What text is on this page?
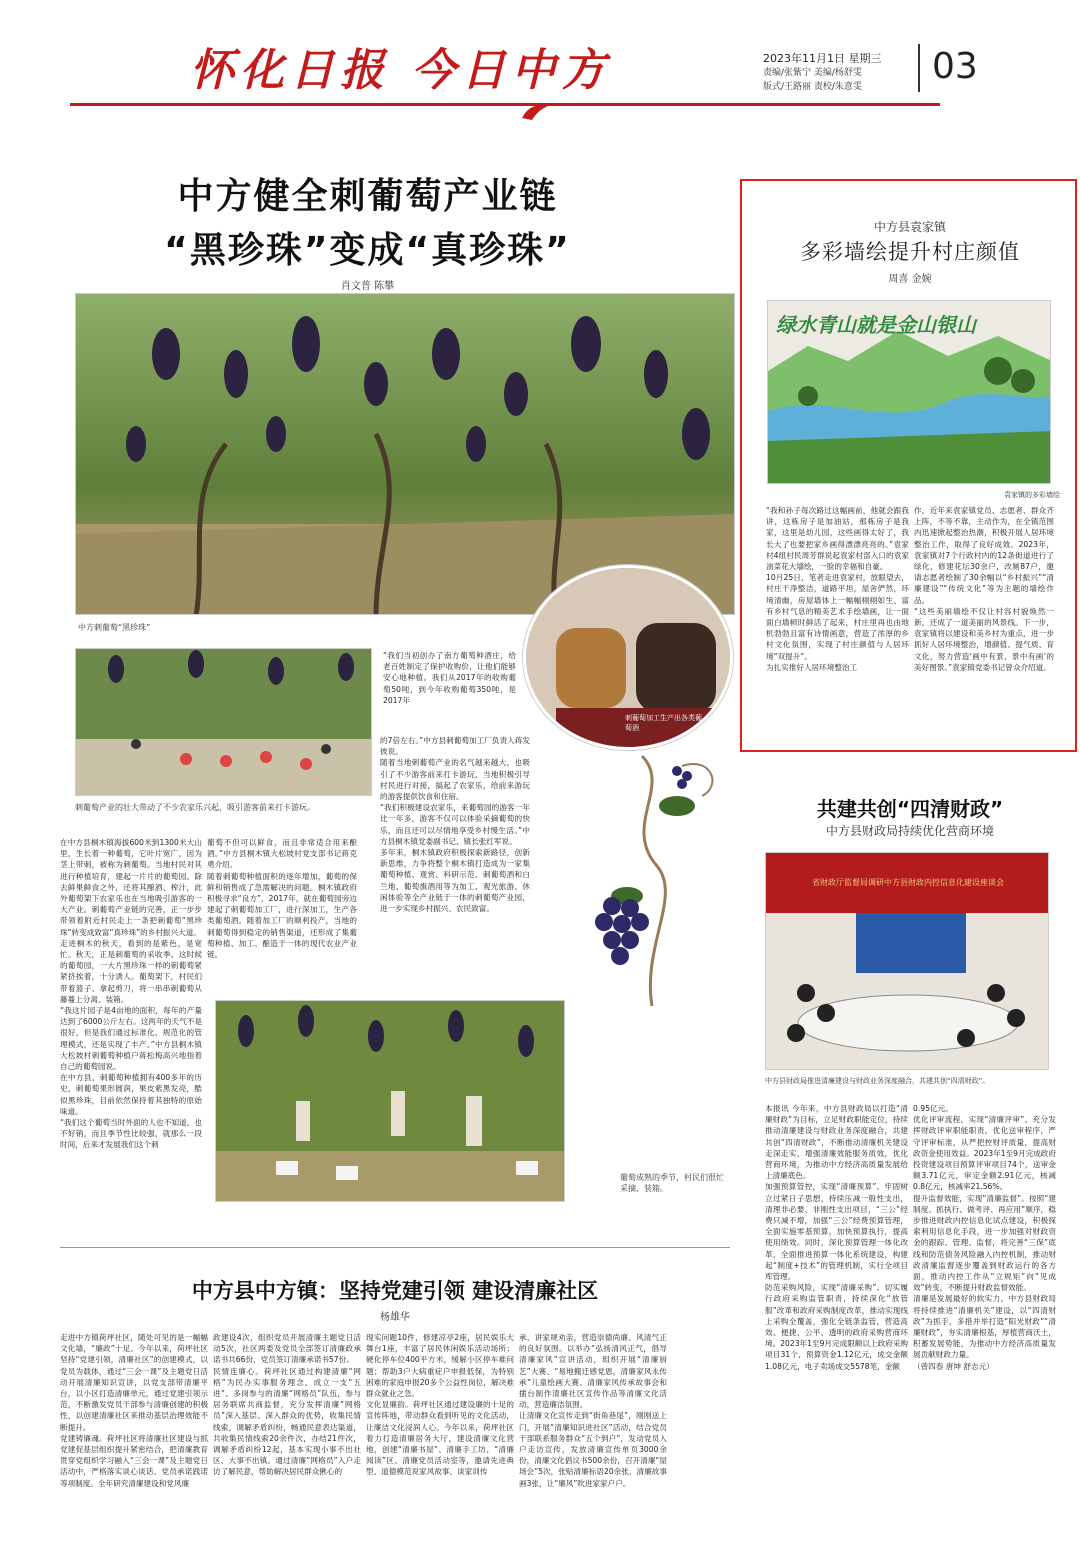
怀化日报 今日中方	2023年11月1日 星期三
责编/张紫宁 美编/杨舒雯
版式/王路丽 责校/朱意雯	03
中方健全刺葡萄产业链
“黑珍珠”变成“真珍珠”
肖文普 陈攀
中方刺葡萄“黑珍珠”
刺葡萄产业的壮大带动了不少农家乐兴起，吸引游客前来打卡游玩。
刺葡萄加工生产出各类葡萄酒
“我们当初创办了南方葡萄种酒庄，给老百姓制定了保护收购价，让他们能够安心地种植。我们从2017年的收购葡萄50吨，到今年收购葡萄350吨，是2017年
的7倍左右。”中方县刺葡萄加工厂负责人蒋发彼说。
随着当地刺葡萄产业的名气越来越大，也吸引了不少游客前来打卡游玩，当地积极引导村民进行对接，搞起了农家乐，给前来游玩的游客提供饮食和住宿。
“我们积极建设农家乐，来葡萄园的游客一年比一年多，游客不仅可以体验采摘葡萄的快乐，而且还可以尽情地享受乡村慢生活。”中方县桐木镇党委副书记、镇长张红军说。
多年来，桐木镇政府积极探索新路径，创新新思维，力争将整个桐木镇打造成为一家集葡萄种植、观赏、科研示范、刺葡萄酒和白兰地、葡萄旗酒用等为加工、观光旅游、休闲体验等全产业链于一体的刺葡萄产业园，进一步实现乡村振兴、农民致富。
在中方县桐木镇海拔600米到1300米大山里，生长着一种葡萄，它叶片宽广，因为茎上带刺，被称为刺葡萄。当地村民对其进行种植培育，建起一片片的葡萄园。除去鲜果鲜食之外，还将其酿酒、榨汁，此外葡萄架下农家乐也在当地吸引游客的一大产业。刺葡萄产业链的完善，正一步步带领着附近村民走上一条把刺葡萄“黑珍珠”转变成致富“真珍珠”的乡村振兴大道。
走进桐木的秋天，看到的是紫色，是宽忙。秋天，正是刺葡萄的采收季。这时候的葡萄园，一大片黑珍珠一样的刺葡萄紧紧挤挨着，十分诱人。葡萄架下，村民们带着篮子、拿起剪刀，将一串串刺葡萄从藤蔓上分离、装箱。
“我这片园子是4亩地的面积，每年的产量达到了6000公斤左右。这两年的天气不是很好，但是我们通过标准化、规范化的管理模式，还是实现了丰产。”中方县桐木镇大松坡村刺葡萄种植户蒋松梅高兴地指着自己的葡萄园说。
在中方县，刺葡萄种植拥有400多年的历史，刺葡萄果形圆润，果皮紫黑发亮，酷似黑珍珠，目前依然保持着其独特的原始味道。
“我们这个葡萄当时外面的人也不知道，也不好销，而且季节性比较强，就那么一段时间，后来才发展我们这个刺
葡萄不但可以鲜食，而且非常适合用来酿酒。”中方县桐木镇大松坡村党支部书记蒋克勇介绍。
随着刺葡萄种植面积的逐年增加，葡萄的保鲜和销售成了急需解决的问题。桐木镇政府积极寻求“良方”，2017年，就在葡萄园旁边建起了刺葡萄加工厂，进行深加工，生产各类葡萄酒。随着加工厂的顺利投产，当地的刺葡萄得到稳定的销售渠道，还形成了集葡萄种植、加工、酿造于一体的现代农业产业链。
葡萄成熟的季节，村民们很忙采摘、装箱。
中方县袁家镇
多彩墙绘提升村庄颜值
周喜 金婉
绿水青山就是金山银山
袁家镇的多彩墙绘
“我和孙子每次路过这幅画前，他就会跟我讲，这栋房子是加油站，那栋房子是我家，这里是幼儿园，这些画得太好了，我长大了也要把家乡画得漂漂亮亮的。”袁家村4组村民周芳群说起袁家村部入口的袁家油菜花大墙绘，一脸的幸福和自豪。
10月25日，笔者走进袁家村，放眼望去，村庄干净整洁，道路平坦，屋舍俨然，环境清幽，房屋墙体上一幅幅栩栩如生、富有乡村气息的精美艺术手绘墙画，让一面面白墙顿时鲜活了起来，村庄里再也由地机勃勃且富有诗情画意，营造了浓厚的乡村文化氛围，实现了村庄颜值与人居环境“双提升”。
为扎实推好人居环境整治工
作，近年来袁家镇党员、志愿者、群众齐上阵，不等不靠，主动作为，在全镇范围内迅速掀起整治热潮，积极开展人居环境整治工作，取得了良好成效。2023年，袁家镇对7个行政村内的12条街道进行了绿化，修建花坛30余户，改厕87户，邀请志愿者绘制了30余幅以“乡村振兴”“清廉建设”“传统文化”等为主题的墙绘作品。
“这些美丽墙绘不仅让村容村貌焕然一新，还成了一道美丽的风景线。下一步，袁家镇将以建设和美乡村为重点，进一步抓好人居环境整治，增颜值、提气质、育文化，努力营造‘画中有景、景中有画’的美好图景。”袁家镇党委书记曾众介绍道。
共建共创“四清财政”
中方县财政局持续优化营商环境
省财政厅监督局调研中方县财政内控信息化建设座谈会
中方县财政局推进清廉建设与财政业务深度融合，共建共创“四清财政”。
本报讯 今年来，中方县财政局以打造“清廉财政”为目标，立足财政职能定位，持续推动清廉建设与财政业务深度融合，共建共创“四清财政”，不断推动清廉机关建设走深走实，增强清廉效能服务质效，优化营商环境，为推动中方经济高质量发展给上清廉底色。
加强预算管控，实现“清廉预算”。牢固树立过紧日子思想，持续压减一般性支出，清理非必要、非刚性支出项目，“三公”经费只减不增，加强“三公”经费预算管理，全面实施零基预算，加快预算执行，提高使用绩效。同时，深化预算管理一体化改革，全面推进预算一体化系统建设，构建起“制度+技术”的管理机制，实行全项目库管理。
防范采购风险，实现“清廉采购”。切实履行政府采购监管职责，持续深化“放管服”改革和政府采购制度改革，推动实现线上采购全覆盖，强化全链条监管，营造高效、便捷、公平、透明的政府采购营商环境。2023年1至9月完成限额以上政府采购项目31个，预算资金1.12亿元，成交金额1.08亿元，电子卖场成交5578笔，金额
0.95亿元。
优化评审流程，实现“清廉评审”。充分发挥财政评审职能职责，优化送审程序，严守评审标准，从严把控财评质量，提高财政资金使用效益。2023年1至9月完成政府投资建设项目预算评审项目74个，送审金额3.71亿元，审定金额2.91亿元，核减0.8亿元，核减率21.56%。
提升监督效能，实现“清廉监督”。按照“建制度、抓执行、做考评、再应用”顺序，稳步推进财政内控信息化试点建设，积极探索利用信息化手段，进一步加强对财政资金的跟踪、管理、监督，将完善“三保”底线和防范债务风险融入内控机制，推动财政清廉监督逐步覆盖到财政运行的各方面，推动内控工作从“立规矩”向“见成效”转变，不断提升财政监督效能。
清廉是发展最好的软实力，中方县财政局将持续推进“清廉机关”建设，以“四清财政”为抓手，多措并举打造“阳光财政”“清廉财政”，夯实清廉根基，厚植营商沃土，积蓄发展势能，为推动中方经济高质量发展贡献财政力量。
（曾四春 唐坤 舒志元）
中方县中方镇：坚持党建引领 建设清廉社区
杨雄华
走进中方镇荷坪社区，随处可见的是一幅幅文化墙，“廉政”十足。今年以来，荷坪社区坚持“党建引领，清廉社区”的创建模式，以党员为载体，通过“三会一课”及主题党日活动开展清廉知识宣讲，以党支部带清廉平台，以小区打造清廉单元，通过党建引领示范，不断激发党员干部参与清廉创建的积极性，以创建清廉社区来推动基层治理效能不断提升。
党建铸廉魂。荷坪社区将清廉社区建设与抓党建促基层组织提升紧密结合，把清廉教育贯穿党组织学习融入“三会一课”及主题党日活动中，严格落实谈心谈话、党员承诺践诺等项制度。全年研究清廉建设和党风廉
政建设4次，组织党员开展清廉主题党日活动5次，社区两委及党员全部签订清廉政承诺书共66份，党员签订清廉承诺书57份。
民情连廉心。荷坪社区通过构建清廉“网格”为民办实事服务理念，成立一支“五进”、多岗参与的清廉“网格员”队伍，参与居务联席共商监督，充分发挥清廉“网格员”深入基层、深入群众的优势，收集民情线索，调解矛盾纠纷，畅通民意表达渠道，共收集民情线索20余件次，办结21件次，调解矛盾纠纷12起，基本实现小事不出社区、大事不出镇。通过清廉“网格员”入户走访了解民意，帮助解决居民群众揪心的
现实问题10件，修建凉亭2座，居民娱乐大舞台1座，丰富了居民休闲娱乐活动场所；硬化停车位400平方米，缓解小区停车难问题；帮助3户大病重症户申报低保，为特别困难的家庭申报20多个公益性岗位，解决难群众就业之急。
文化显廉韵。荷坪社区通过建设廉的十足的宣传阵地，带动群众看到听见的文化活动，让廉洁文化浸润人心。今年以来，荷坪社区着力打造清廉居务大厅，建设清廉文化营地，创建“清廉书屋”、清廉手工坊、“清廉阅读”区、清廉党员活动室等，邀请先进典型、道德模范说家风故事、谈家训传
承、讲家规劝亲，营造崇德尚廉、风清气正的良好氛围。以举办“弘扬清风正气，倡导清廉家风”宣讲活动，组织开展“清廉厨艺”大赛、“易地搬迁感党恩，清廉家风永传承”儿童绘画大赛、清廉家风传承故事会和擂台制作清廉社区宣传作品等清廉文化活动，营造廉洁氛围。
让清廉文化宣传走到“街角巷尾”，刚刚送上门，开展“清廉知识进社区”活动，结合党员干部联系服务群众“五个到户”，发动党员入户走访宣传，发放清廉宣传单页3000余份，清廉文化倡议书500余份，召开清廉“屋场会”5次，张贴清廉标语20余张，清廉故事画3张，让“廉风”吹进家家户户。
